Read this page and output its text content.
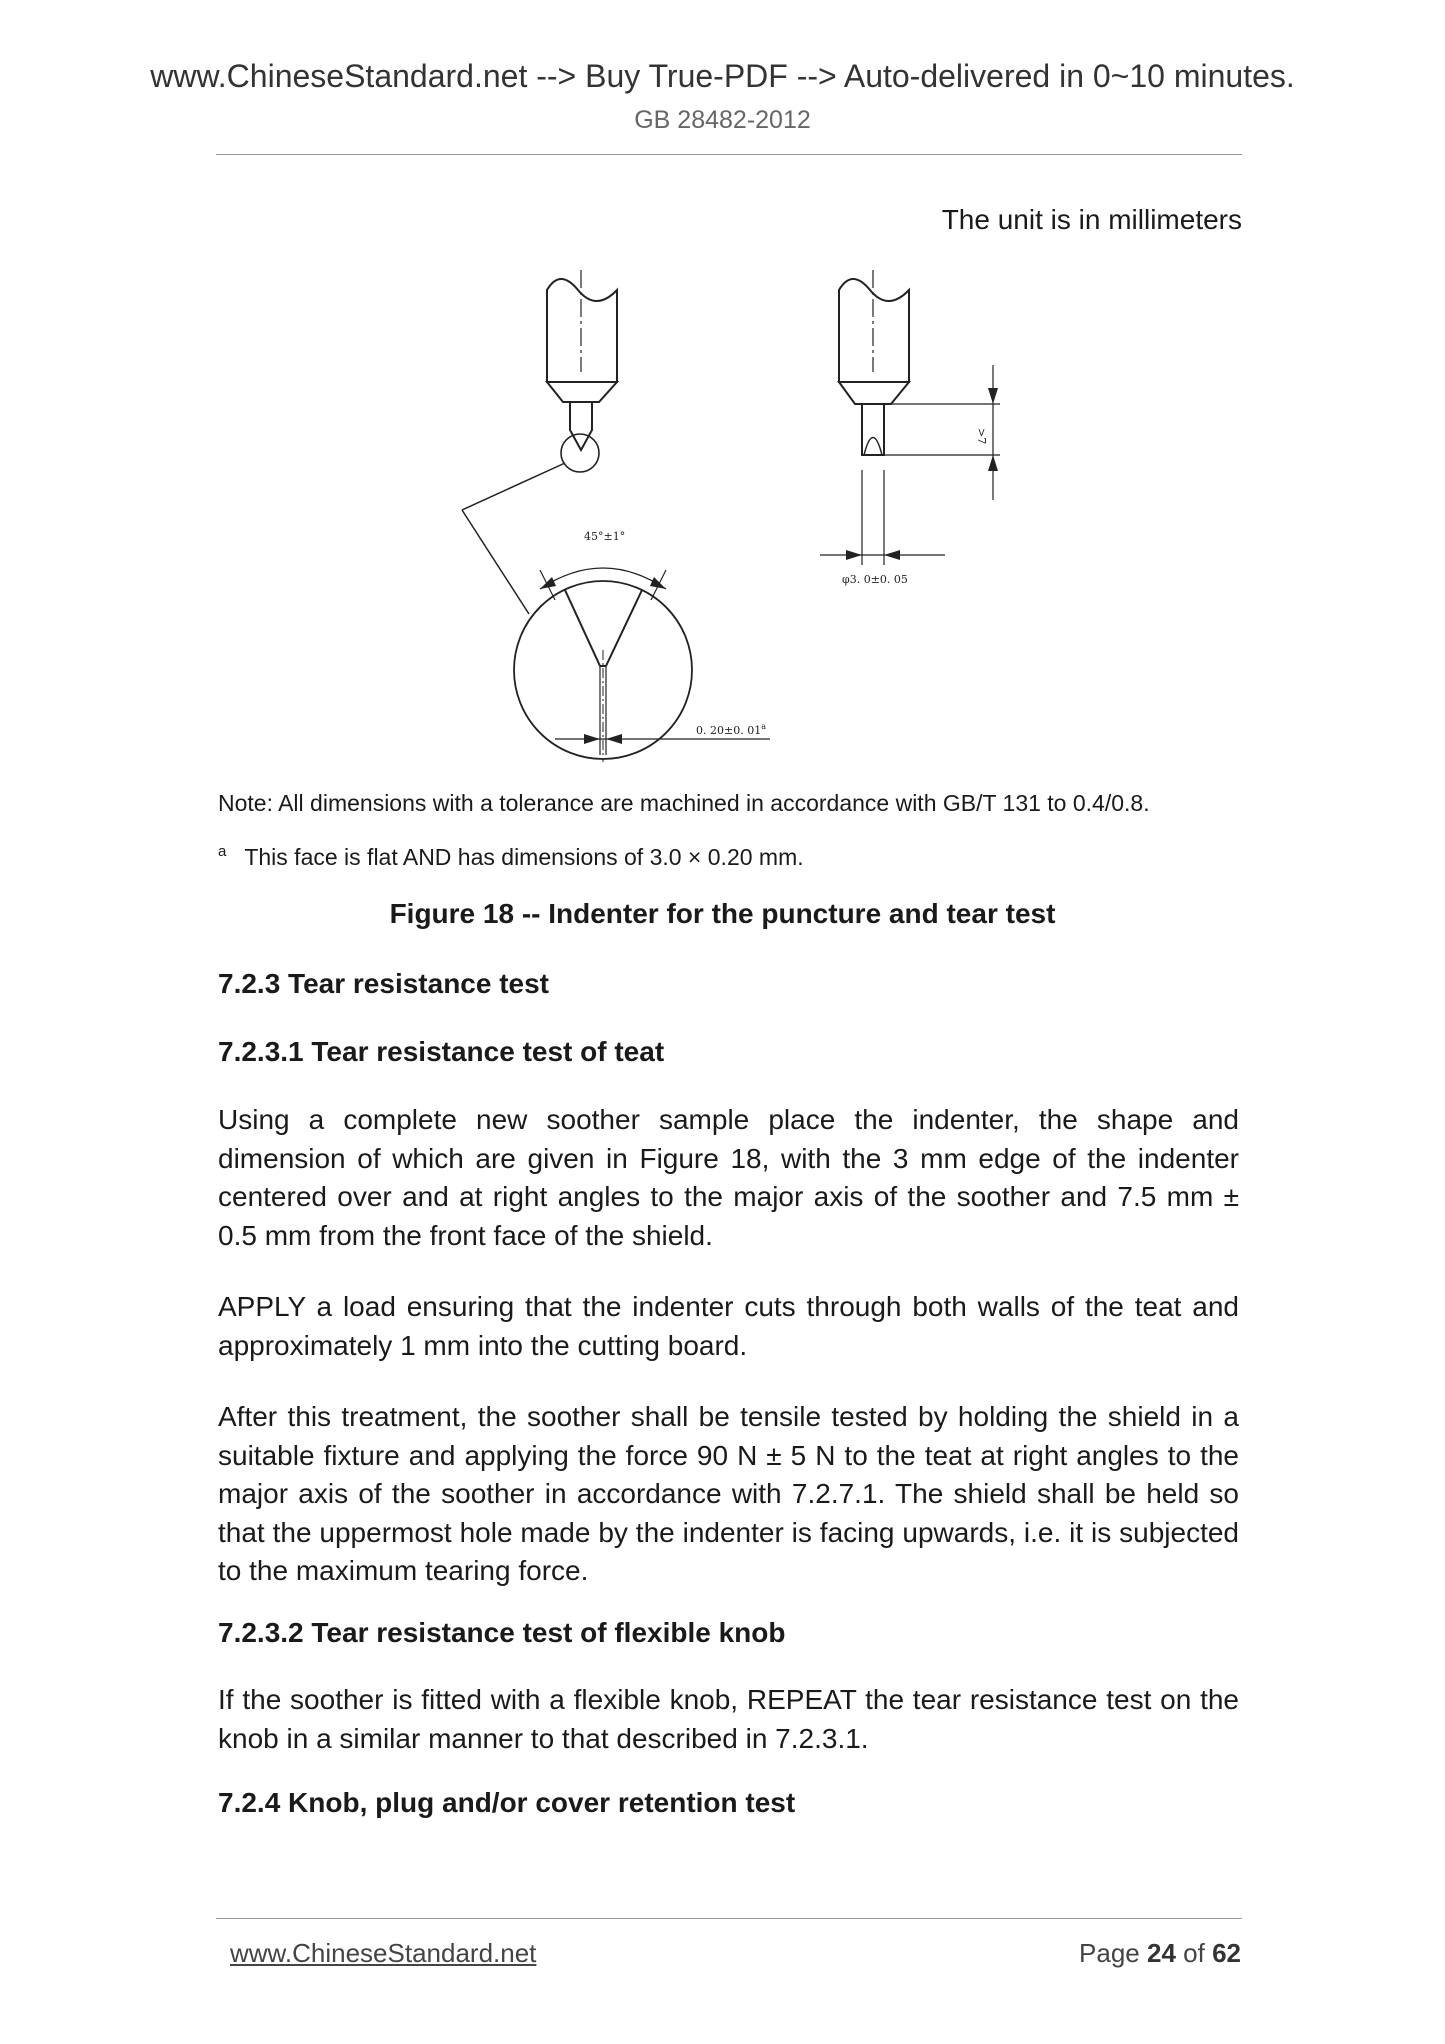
www.ChineseStandard.net --> Buy True-PDF --> Auto-delivered in 0~10 minutes.
GB 28482-2012
The unit is in millimeters
45°±1°
0. 20±0. 01$^a$
φ3. 0±0. 05
>7
Note: All dimensions with a tolerance are machined in accordance with GB/T 131 to 0.4/0.8.
$^a$ This face is flat AND has dimensions of 3.0 × 0.20 mm.
Figure 18 -- Indenter for the puncture and tear test
7.2.3 Tear resistance test
7.2.3.1 Tear resistance test of teat
Using a complete new soother sample place the indenter, the shape and dimension of which are given in Figure 18, with the 3 mm edge of the indenter centered over and at right angles to the major axis of the soother and 7.5 mm ± 0.5 mm from the front face of the shield.
APPLY a load ensuring that the indenter cuts through both walls of the teat and approximately 1 mm into the cutting board.
After this treatment, the soother shall be tensile tested by holding the shield in a suitable fixture and applying the force 90 N ± 5 N to the teat at right angles to the major axis of the soother in accordance with 7.2.7.1. The shield shall be held so that the uppermost hole made by the indenter is facing upwards, i.e. it is subjected to the maximum tearing force.
7.2.3.2 Tear resistance test of flexible knob
If the soother is fitted with a flexible knob, REPEAT the tear resistance test on the knob in a similar manner to that described in 7.2.3.1.
7.2.4 Knob, plug and/or cover retention test
www.ChineseStandard.net	Page 24 of 62
